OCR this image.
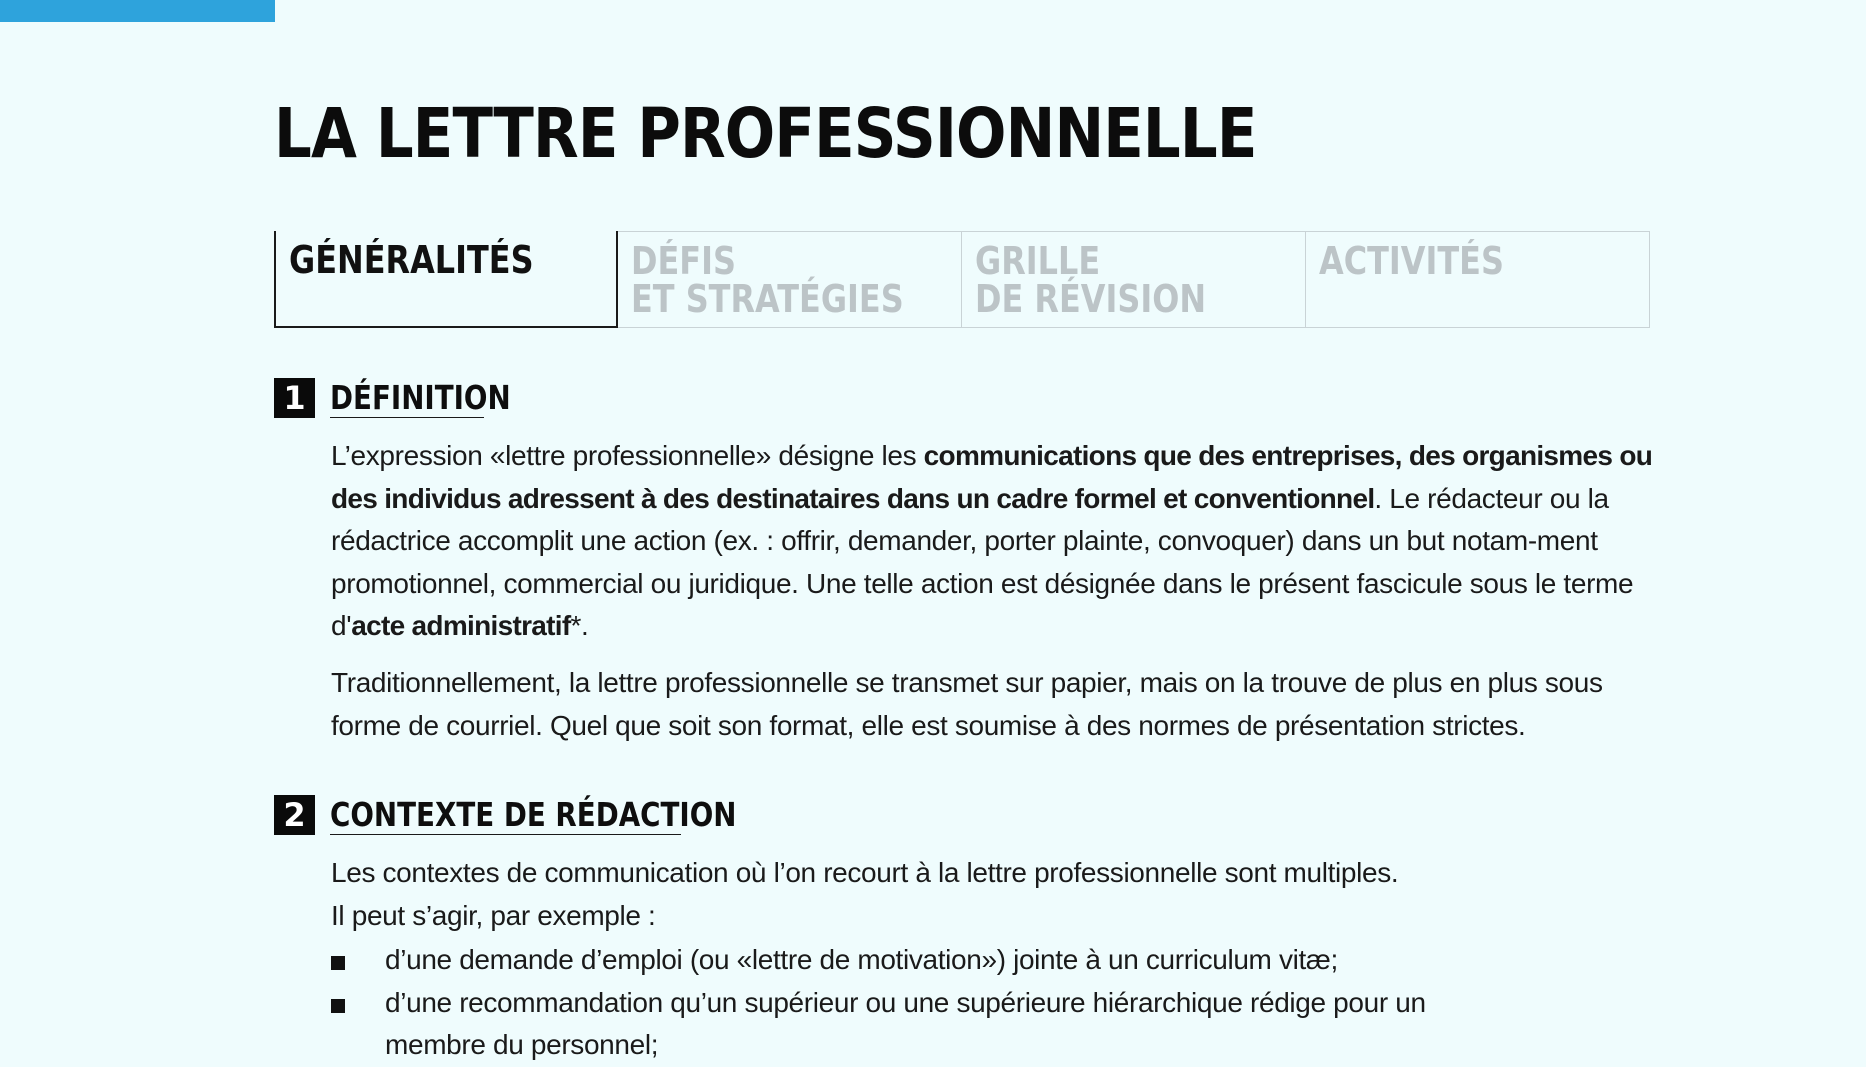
LA LETTRE PROFESSIONNELLE
GÉNÉRALITÉS	DÉFIS
ET STRATÉGIES
GRILLE
DE RÉVISION
ACTIVITÉS
1 DÉFINITION

L’expression «lettre professionnelle» désigne les communications que des entreprises, des organismes ou des individus adressent à des destinataires dans un cadre formel et conventionnel. Le rédacteur ou la rédactrice accomplit une action (ex. : offrir, demander, porter plainte, convoquer) dans un but notam-ment promotionnel, commercial ou juridique. Une telle action est désignée dans le présent fascicule sous le terme d'acte administratif*.

Traditionnellement, la lettre professionnelle se transmet sur papier, mais on la trouve de plus en plus sous forme de courriel. Quel que soit son format, elle est soumise à des normes de présentation strictes.

2 CONTEXTE DE RÉDACTION

Les contextes de communication où l’on recourt à la lettre professionnelle sont multiples.

Il peut s’agir, par exemple :

d’une demande d’emploi (ou «lettre de motivation») jointe à un curriculum vitæ;
d’une recommandation qu’un supérieur ou une supérieure hiérarchique rédige pour un membre du personnel;
